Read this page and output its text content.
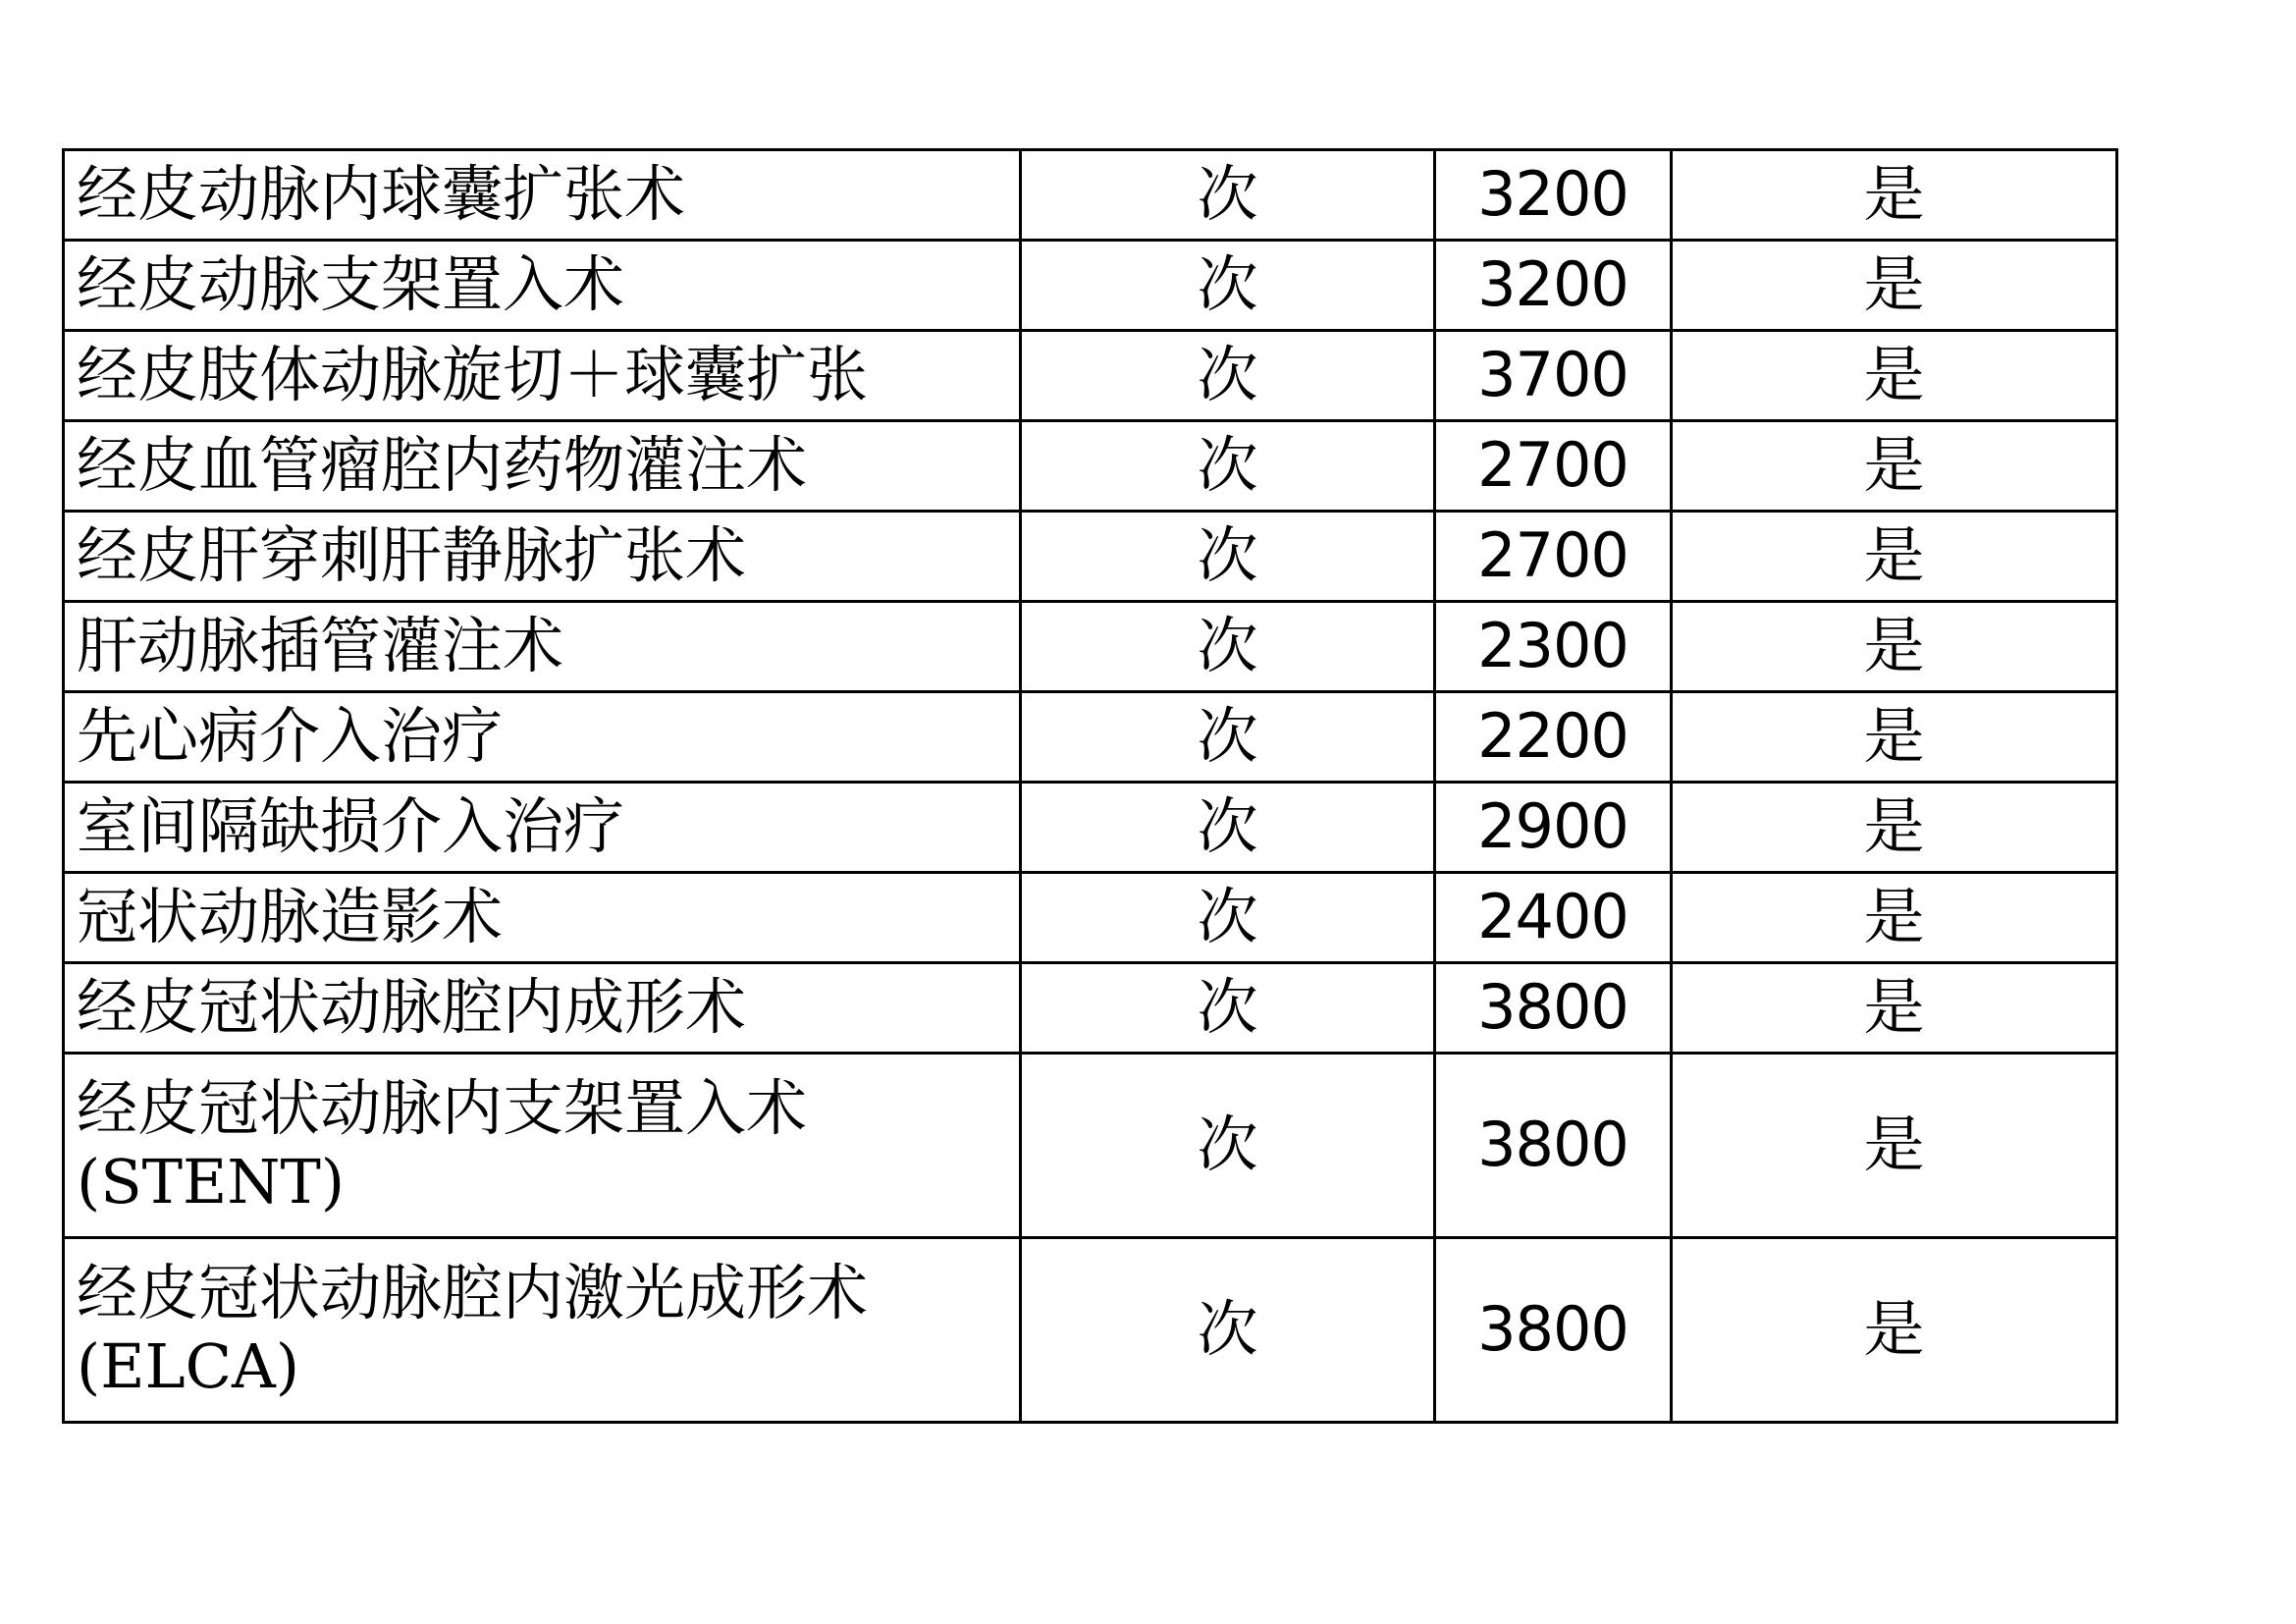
经皮动脉内球囊扩张术	次	3200	是

经皮动脉支架置入术	次	3200	是

经皮肢体动脉旋切＋球囊扩张	次	3700	是

经皮血管瘤腔内药物灌注术	次	2700	是

经皮肝穿刺肝静脉扩张术	次	2700	是

肝动脉插管灌注术	次	2300	是

先心病介入治疗	次	2200	是

室间隔缺损介入治疗	次	2900	是

冠状动脉造影术	次	2400	是

经皮冠状动脉腔内成形术	次	3800	是

经皮冠状动脉内支架置入术
(STENT)	次	3800	是

经皮冠状动脉腔内激光成形术
(ELCA)	次	3800	是
